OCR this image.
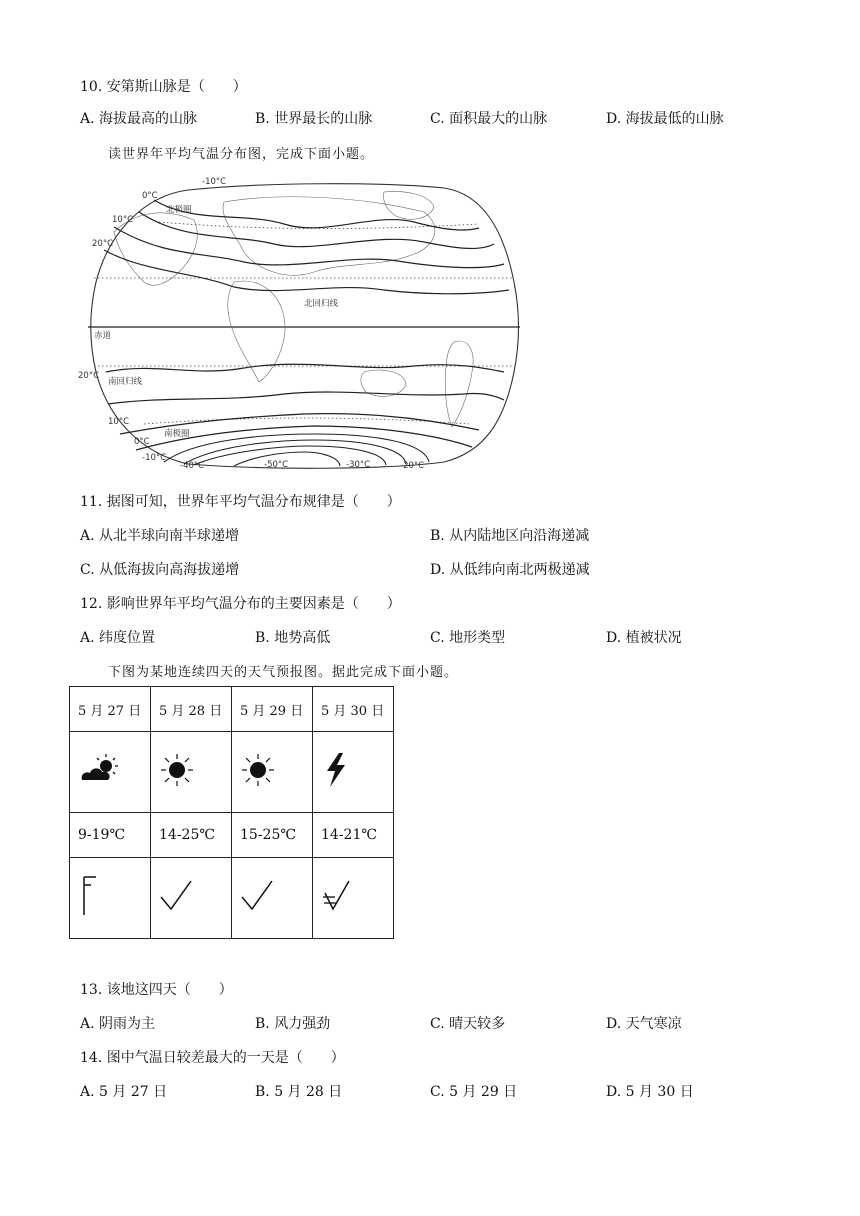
10. 安第斯山脉是（　　）
A. 海拔最高的山脉	B. 世界最长的山脉	C. 面积最大的山脉	D. 海拔最低的山脉
读世界年平均气温分布图，完成下面小题。
-10°C
0°C
北极圈
10°C
20°C
北回归线
赤道
20°C
南回归线
10°C
南极圈
0°C
-10°C
-40°C	-50°C	-30°C	-20°C
11. 据图可知，世界年平均气温分布规律是（　　）
A. 从北半球向南半球递增	B. 从内陆地区向沿海递减
C. 从低海拔向高海拔递增	D. 从低纬向南北两极递减
12. 影响世界年平均气温分布的主要因素是（　　）
A. 纬度位置	B. 地势高低	C. 地形类型	D. 植被状况
下图为某地连续四天的天气预报图。据此完成下面小题。
5 月 27 日	5 月 28 日	5 月 29 日	5 月 30 日

9-19℃	14-25℃	15-25℃	14-21℃

13. 该地这四天（　　）
A. 阴雨为主	B. 风力强劲	C. 晴天较多	D. 天气寒凉
14. 图中气温日较差最大的一天是（　　）
A. 5 月 27 日	B. 5 月 28 日	C. 5 月 29 日	D. 5 月 30 日
